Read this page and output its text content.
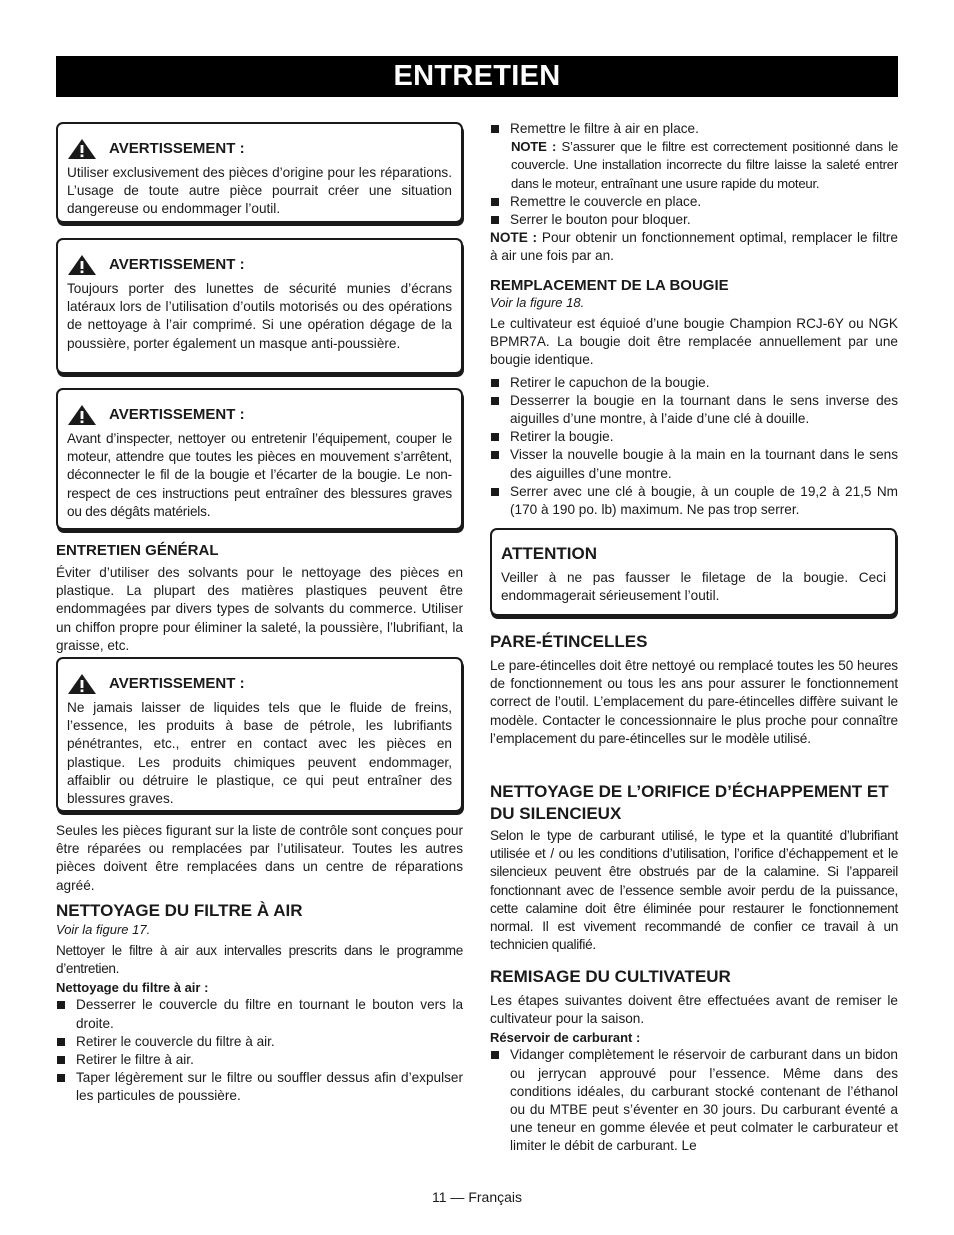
ENTRETIEN
AVERTISSEMENT :

Utiliser exclusivement des pièces d’origine pour les réparations. L’usage de toute autre pièce pourrait créer une situation dangereuse ou endommager l’outil.

AVERTISSEMENT :

Toujours porter des lunettes de sécurité munies d’écrans latéraux lors de l’utilisation d’outils motorisés ou des opérations de nettoyage à l’air comprimé. Si une opération dégage de la poussière, porter également un masque anti-poussière.

AVERTISSEMENT :

Avant d’inspecter, nettoyer ou entretenir l’équipement, couper le moteur, attendre que toutes les pièces en mouvement s’arrêtent, déconnecter le fil de la bougie et l’écarter de la bougie. Le non-respect de ces instructions peut entraîner des blessures graves ou des dégâts matériels.

ENTRETIEN GÉNÉRAL

Éviter d’utiliser des solvants pour le nettoyage des pièces en plastique. La plupart des matières plastiques peuvent être endommagées par divers types de solvants du commerce. Utiliser un chiffon propre pour éliminer la saleté, la poussière, l’lubrifiant, la graisse, etc.

AVERTISSEMENT :

Ne jamais laisser de liquides tels que le fluide de freins, l’essence, les produits à base de pétrole, les lubrifiants pénétrantes, etc., entrer en contact avec les pièces en plastique. Les produits chimiques peuvent endommager, affaiblir ou détruire le plastique, ce qui peut entraîner des blessures graves.

Seules les pièces figurant sur la liste de contrôle sont conçues pour être réparées ou remplacées par l’utilisateur. Toutes les autres pièces doivent être remplacées dans un centre de réparations agréé.

NETTOYAGE DU FILTRE À AIR
Voir la figure 17.

Nettoyer le filtre à air aux intervalles prescrits dans le programme d’entretien.

Nettoyage du filtre à air :
Desserrer le couvercle du filtre en tournant le bouton vers la droite.
Retirer le couvercle du filtre à air.
Retirer le filtre à air.
Taper légèrement sur le filtre ou souffler dessus afin d’expulser les particules de poussière.
Remettre le filtre à air en place.
NOTE : S’assurer que le filtre est correctement positionné dans le couvercle. Une installation incorrecte du filtre laisse la saleté entrer dans le moteur, entraînant une usure rapide du moteur.
Remettre le couvercle en place.
Serrer le bouton pour bloquer.

NOTE : Pour obtenir un fonctionnement optimal, remplacer le filtre à air une fois par an.

REMPLACEMENT DE LA BOUGIE
Voir la figure 18.

Le cultivateur est équioé d’une bougie Champion RCJ-6Y ou NGK BPMR7A. La bougie doit être remplacée annuellement par une bougie identique.

Retirer le capuchon de la bougie.
Desserrer la bougie en la tournant dans le sens inverse des aiguilles d’une montre, à l’aide d’une clé à douille.
Retirer la bougie.
Visser la nouvelle bougie à la main en la tournant dans le sens des aiguilles d’une montre.
Serrer avec une clé à bougie, à un couple de 19,2 à 21,5 Nm (170 à 190 po. lb) maximum. Ne pas trop serrer.
ATTENTION

Veiller à ne pas fausser le filetage de la bougie. Ceci endommagerait sérieusement l’outil.

PARE-ÉTINCELLES

Le pare-étincelles doit être nettoyé ou remplacé toutes les 50 heures de fonctionnement ou tous les ans pour assurer le fonctionnement correct de l’outil. L’emplacement du pare-étincelles diffère suivant le modèle. Contacter le concessionnaire le plus proche pour connaître l’emplacement du pare-étincelles sur le modèle utilisé.

NETTOYAGE DE L’ORIFICE D’ÉCHAPPEMENT ET DU SILENCIEUX

Selon le type de carburant utilisé, le type et la quantité d’lubrifiant utilisée et / ou les conditions d’utilisation, l’orifice d’échappement et le silencieux peuvent être obstrués par de la calamine. Si l’appareil fonctionnant avec de l’essence semble avoir perdu de la puissance, cette calamine doit être éliminée pour restaurer le fonctionnement normal. Il est vivement recommandé de confier ce travail à un technicien qualifié.

REMISAGE DU CULTIVATEUR

Les étapes suivantes doivent être effectuées avant de remiser le cultivateur pour la saison.

Réservoir de carburant :
Vidanger complètement le réservoir de carburant dans un bidon ou jerrycan approuvé pour l’essence. Même dans des conditions idéales, du carburant stocké contenant de l’éthanol ou du MTBE peut s’éventer en 30 jours. Du carburant éventé a une teneur en gomme élevée et peut colmater le carburateur et limiter le débit de carburant. Le
11 — Français
